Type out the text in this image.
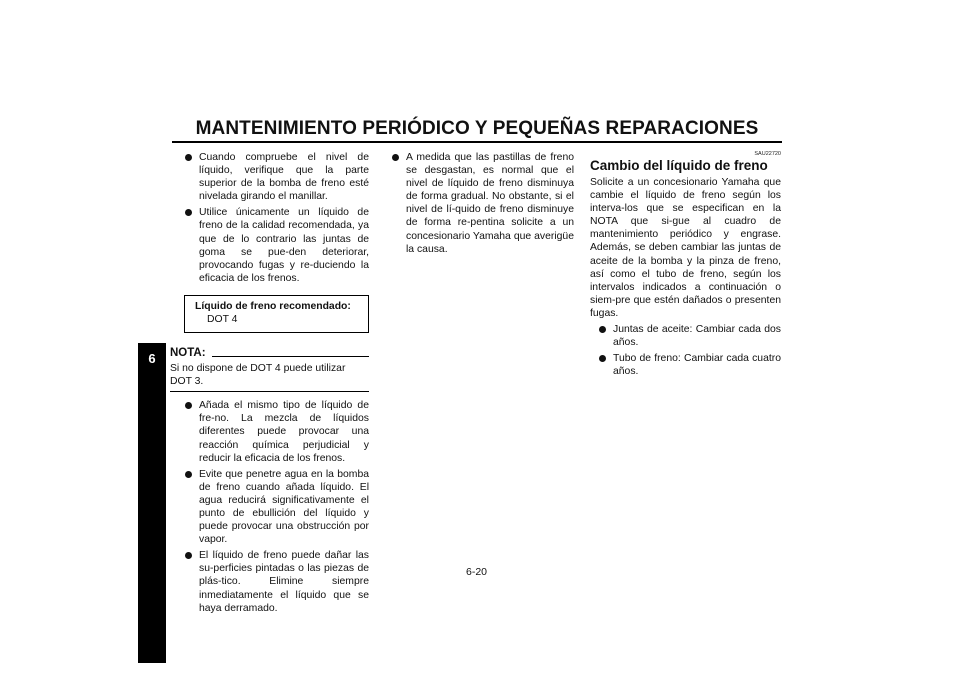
MANTENIMIENTO PERIÓDICO Y PEQUEÑAS REPARACIONES
6
Cuando compruebe el nivel de líquido, verifique que la parte superior de la bomba de freno esté nivelada girando el manillar.
Utilice únicamente un líquido de freno de la calidad recomendada, ya que de lo contrario las juntas de goma se pue-den deteriorar, provocando fugas y re-duciendo la eficacia de los frenos.
Líquido de freno recomendado:
DOT 4
NOTA:
Si no dispone de DOT 4 puede utilizar DOT 3.
Añada el mismo tipo de líquido de fre-no. La mezcla de líquidos diferentes puede provocar una reacción química perjudicial y reducir la eficacia de los frenos.
Evite que penetre agua en la bomba de freno cuando añada líquido. El agua reducirá significativamente el punto de ebullición del líquido y puede provocar una obstrucción por vapor.
El líquido de freno puede dañar las su-perficies pintadas o las piezas de plás-tico. Elimine siempre inmediatamente el líquido que se haya derramado.
A medida que las pastillas de freno se desgastan, es normal que el nivel de líquido de freno disminuya de forma gradual. No obstante, si el nivel de lí-quido de freno disminuye de forma re-pentina solicite a un concesionario Yamaha que averigüe la causa.
SAU22720
Cambio del líquido de freno
Solicite a un concesionario Yamaha que cambie el líquido de freno según los interva-los que se especifican en la NOTA que si-gue al cuadro de mantenimiento periódico y engrase. Además, se deben cambiar las juntas de aceite de la bomba y la pinza de freno, así como el tubo de freno, según los intervalos indicados a continuación o siem-pre que estén dañados o presenten fugas.
Juntas de aceite: Cambiar cada dos años.
Tubo de freno: Cambiar cada cuatro años.
6-20
